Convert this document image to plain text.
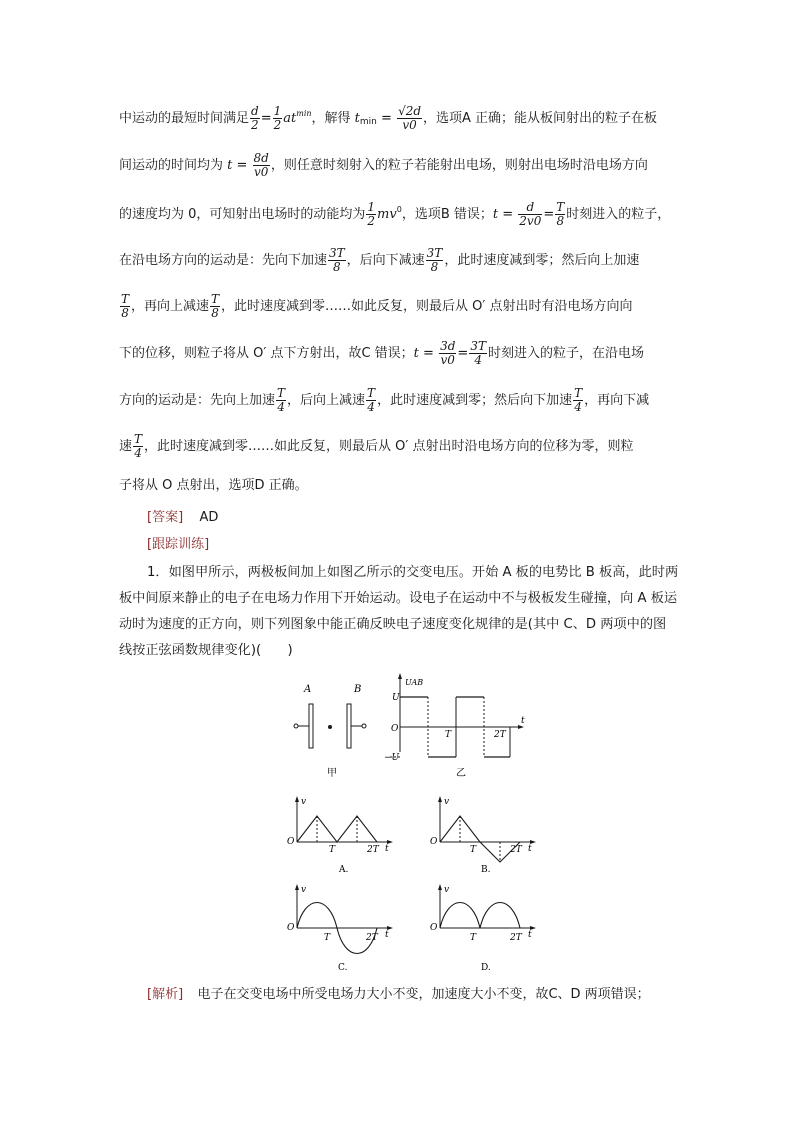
中运动的最短时间满足 $\frac{d}{2} = \frac{1}{2} at^{min}$，解得 $t_{min} = \frac{√2d}{v0}$ ，选项A 正确；能从板间射出的粒子在板
间运动的时间均为 $t = \frac{8d}{v0}$ ，则任意时刻射入的粒子若能射出电场，则射出电场时沿电场方向
的速度均为 0，可知射出电场时的动能均为 $\frac{1}{2} mv^0$，选项B 错误；$t = \frac{d}{2v0} = \frac{T}{8}$ 时刻进入的粒子，
在沿电场方向的运动是：先向下加速 $\frac{3T}{8}$ ，后向下减速 $\frac{3T}{8}$ ，此时速度减到零；然后向上加速
$\frac{T}{8}$ ，再向上减速 $\frac{T}{8}$ ，此时速度减到零……如此反复，则最后从 O′ 点射出时有沿电场方向向
下的位移，则粒子将从 O′ 点下方射出，故C 错误；$t = \frac{3d}{v0} = \frac{3T}{4}$ 时刻进入的粒子，在沿电场
方向的运动是：先向上加速 $\frac{T}{4}$ ，后向上减速 $\frac{T}{4}$ ，此时速度减到零；然后向下加速 $\frac{T}{4}$ ，再向下减
速 $\frac{T}{4}$ ，此时速度减到零……如此反复，则最后从 O′ 点射出时沿电场方向的位移为零，则粒
子将从 O 点射出，选项D 正确。
[答案] AD
[跟踪训练]
1．如图甲所示，两极板间加上如图乙所示的交变电压。开始 A 板的电势比 B 板高，此时两板中间原来静止的电子在电场力作用下开始运动。设电子在运动中不与极板发生碰撞，向 A 板运动时为速度的正方向，则下列图象中能正确反映电子速度变化规律的是(其中 C、D 两项中的图线按正弦函数规律变化)(　　)
A	B
甲
UAB
t
U
O
−U
T	2T
乙
v
O
T	2T t
A.
v
O
T	2T t
B.
v
O
T	2T t
C.
v
O
T	2T t
D.
[解析] 电子在交变电场中所受电场力大小不变，加速度大小不变，故C、D 两项错误；
